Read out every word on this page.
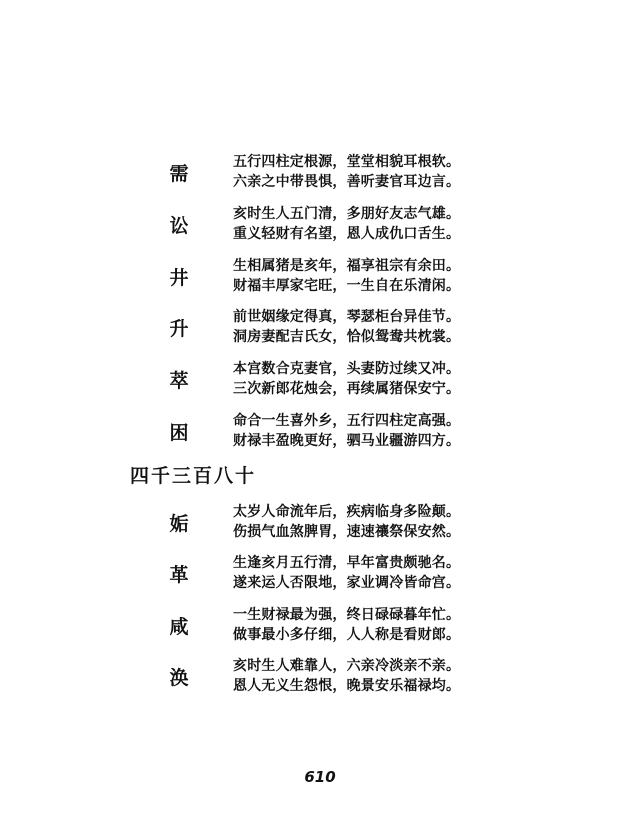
需
五行四柱定根源，堂堂相貌耳根软。
六亲之中带畏惧，善听妻官耳边言。
讼
亥时生人五门清，多朋好友志气雄。
重义轻财有名望，恩人成仇口舌生。
井
生相属猪是亥年，福享祖宗有余田。
财福丰厚家宅旺，一生自在乐清闲。
升
前世姻缘定得真，琴瑟柜台异佳节。
洞房妻配吉氏女，恰似鸳鸯共枕裳。
萃
本宫数合克妻官，头妻防过续又冲。
三次新郎花烛会，再续属猪保安宁。
困
命合一生喜外乡，五行四柱定高强。
财禄丰盈晚更好，驷马业疆游四方。
四千三百八十
姤
太岁人命流年后，疾病临身多险颠。
伤损气血煞脾胃，速速禳祭保安然。
革
生逢亥月五行清，早年富贵颇驰名。
遂来运人否限地，家业调冷皆命宫。
咸
一生财禄最为强，终日碌碌暮年忙。
做事最小多仔细，人人称是看财郎。
涣
亥时生人难靠人，六亲冷淡亲不亲。
恩人无义生怨恨，晚景安乐福禄均。
610
